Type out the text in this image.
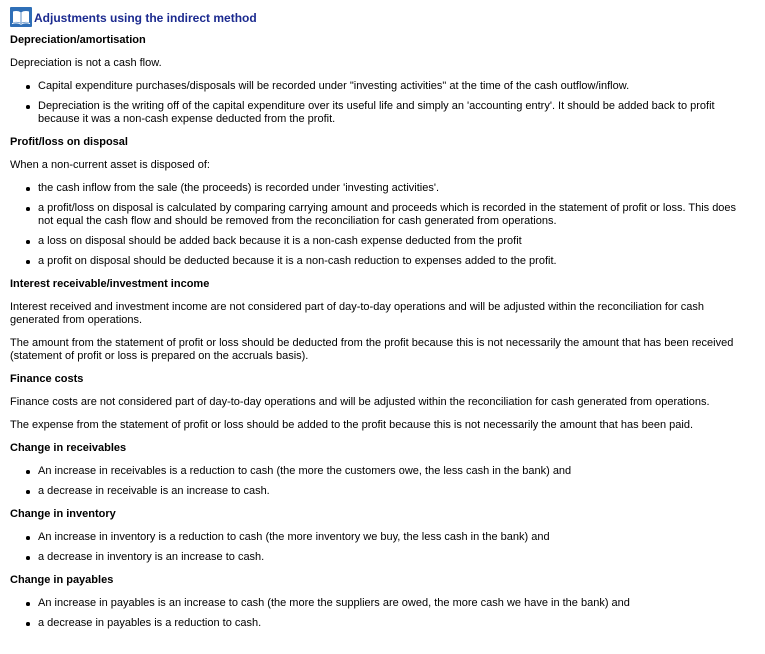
Adjustments using the indirect method
Depreciation/amortisation

Depreciation is not a cash flow.

Capital expenditure purchases/disposals will be recorded under "investing activities" at the time of the cash outflow/inflow.
Depreciation is the writing off of the capital expenditure over its useful life and simply an 'accounting entry'. It should be added back to profit because it was a non-cash expense deducted from the profit.
Profit/loss on disposal

When a non-current asset is disposed of:

the cash inflow from the sale (the proceeds) is recorded under 'investing activities'.
a profit/loss on disposal is calculated by comparing carrying amount and proceeds which is recorded in the statement of profit or loss. This does not equal the cash flow and should be removed from the reconciliation for cash generated from operations.
a loss on disposal should be added back because it is a non-cash expense deducted from the profit
a profit on disposal should be deducted because it is a non-cash reduction to expenses added to the profit.
Interest receivable/investment income

Interest received and investment income are not considered part of day-to-day operations and will be adjusted within the reconciliation for cash generated from operations.

The amount from the statement of profit or loss should be deducted from the profit because this is not necessarily the amount that has been received (statement of profit or loss is prepared on the accruals basis).

Finance costs

Finance costs are not considered part of day-to-day operations and will be adjusted within the reconciliation for cash generated from operations.

The expense from the statement of profit or loss should be added to the profit because this is not necessarily the amount that has been paid.

Change in receivables
An increase in receivables is a reduction to cash (the more the customers owe, the less cash in the bank) and
a decrease in receivable is an increase to cash.
Change in inventory
An increase in inventory is a reduction to cash (the more inventory we buy, the less cash in the bank) and
a decrease in inventory is an increase to cash.
Change in payables
An increase in payables is an increase to cash (the more the suppliers are owed, the more cash we have in the bank) and
a decrease in payables is a reduction to cash.
